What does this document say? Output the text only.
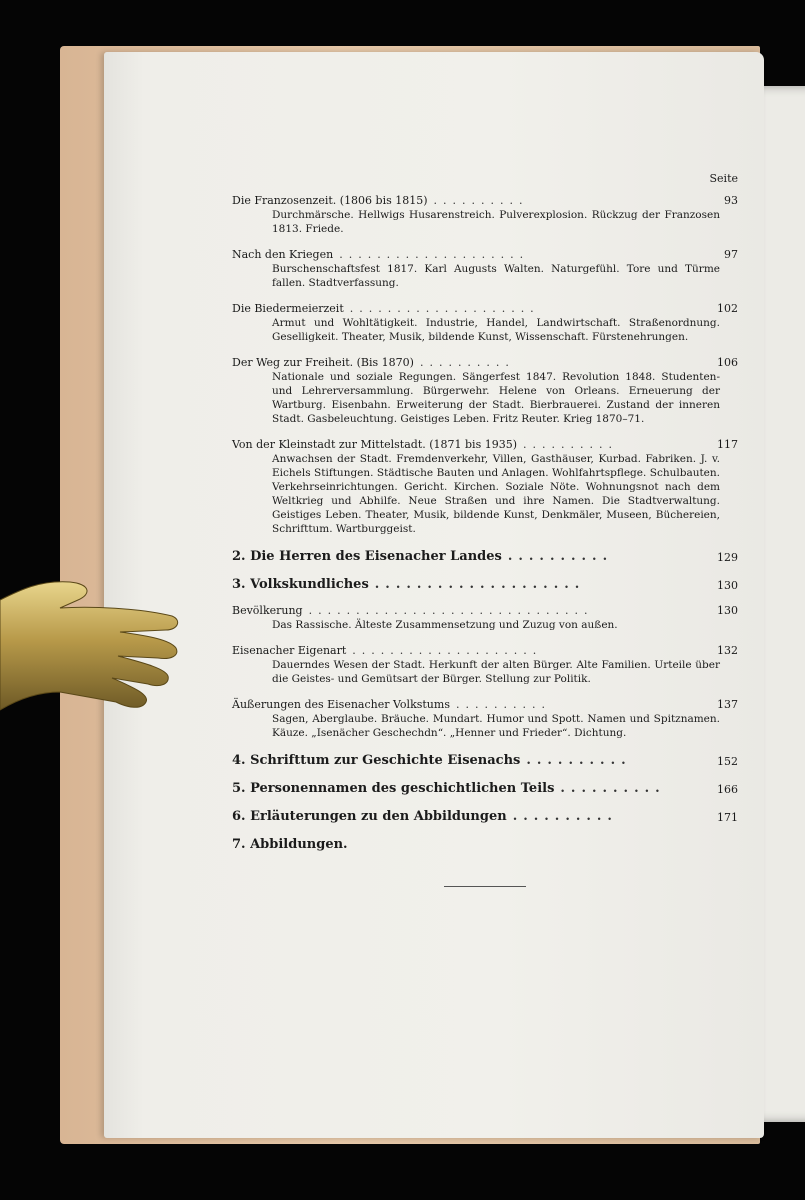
Seite
Die Franzosenzeit. (1806 bis 1815) ..........	93
Durchmärsche. Hellwigs Husarenstreich. Pulverexplosion. Rückzug der Franzosen 1813. Friede.
Nach den Kriegen ....................	97
Burschenschaftsfest 1817. Karl Augusts Walten. Naturgefühl. Tore und Türme fallen. Stadtverfassung.
Die Biedermeierzeit ....................	102
Armut und Wohltätigkeit. Industrie, Handel, Landwirtschaft. Straßenordnung. Geselligkeit. Theater, Musik, bildende Kunst, Wissenschaft. Fürstenehrungen.
Der Weg zur Freiheit. (Bis 1870) ..........	106
Nationale und soziale Regungen. Sängerfest 1847. Revolution 1848. Studenten- und Lehrerversammlung. Bürgerwehr. Helene von Orleans. Erneuerung der Wartburg. Eisenbahn. Erweiterung der Stadt. Bierbrauerei. Zustand der inneren Stadt. Gasbeleuchtung. Geistiges Leben. Fritz Reuter. Krieg 1870–71.
Von der Kleinstadt zur Mittelstadt. (1871 bis 1935) ..........	117
Anwachsen der Stadt. Fremdenverkehr, Villen, Gasthäuser, Kurbad. Fabriken. J. v. Eichels Stiftungen. Städtische Bauten und Anlagen. Wohlfahrtspflege. Schulbauten. Verkehrseinrichtungen. Gericht. Kirchen. Soziale Nöte. Wohnungsnot nach dem Weltkrieg und Abhilfe. Neue Straßen und ihre Namen. Die Stadtverwaltung. Geistiges Leben. Theater, Musik, bildende Kunst, Denkmäler, Museen, Büchereien, Schrifttum. Wartburggeist.
2. Die Herren des Eisenacher Landes ..........	129
3. Volkskundliches ....................	130
Bevölkerung ..............................	130
Das Rassische. Älteste Zusammensetzung und Zuzug von außen.
Eisenacher Eigenart ....................	132
Dauerndes Wesen der Stadt. Herkunft der alten Bürger. Alte Familien. Urteile über die Geistes- und Gemütsart der Bürger. Stellung zur Politik.
Äußerungen des Eisenacher Volkstums ..........	137
Sagen, Aberglaube. Bräuche. Mundart. Humor und Spott. Namen und Spitznamen. Käuze. „Isenächer Geschechdn“. „Henner und Frieder“. Dichtung.
4. Schrifttum zur Geschichte Eisenachs ..........	152
5. Personennamen des geschichtlichen Teils ..........	166
6. Erläuterungen zu den Abbildungen ..........	171
7. Abbildungen.
